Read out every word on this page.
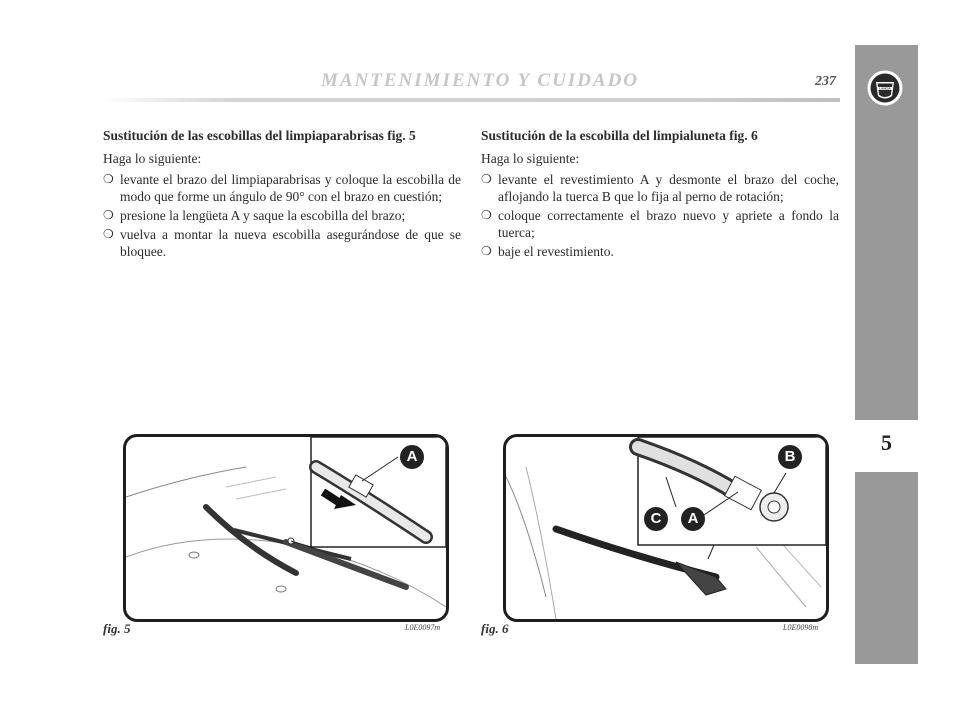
MANTENIMIENTO Y CUIDADO	237
5
LANCIA
Sustitución de las escobillas del limpiaparabrisas fig. 5
Haga lo siguiente:
❍ levante el brazo del limpiaparabrisas y coloque la escobilla de modo que forme un ángulo de 90° con el brazo en cuestión;
❍ presione la lengüeta A y saque la escobilla del brazo;
❍ vuelva a montar la nueva escobilla asegurándose de que se bloquee.
Sustitución de la escobilla del limpialuneta fig. 6
Haga lo siguiente:
❍ levante el revestimiento A y desmonte el brazo del coche, aflojando la tuerca B que lo fija al perno de rotación;
❍ coloque correctamente el brazo nuevo y apriete a fondo la tuerca;
❍ baje el revestimiento.
A
fig. 5	L0E0097m
B
C	A
fig. 6	L0E0098m
